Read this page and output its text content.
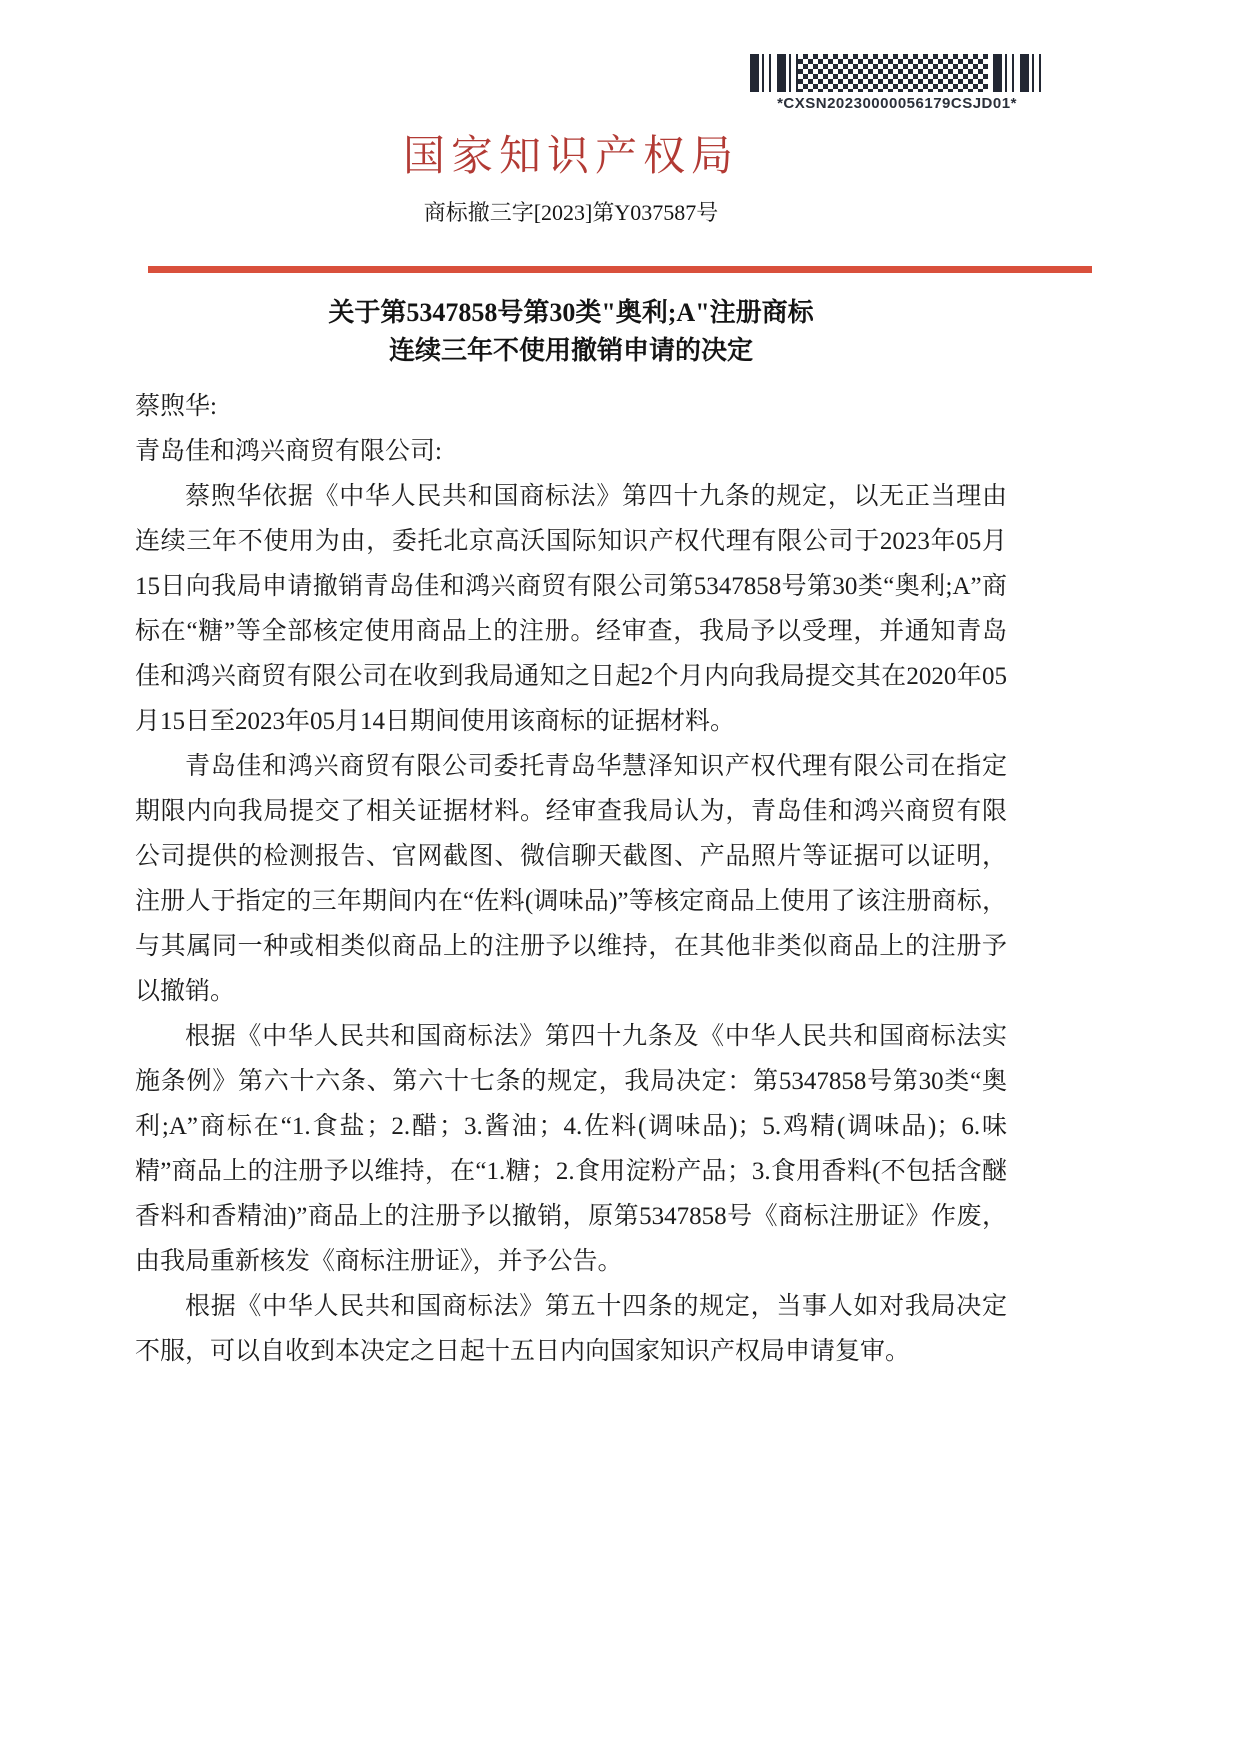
*CXSN20230000056179CSJD01*
国家知识产权局
商标撤三字[2023]第Y037587号
关于第5347858号第30类"奥利;A"注册商标
连续三年不使用撤销申请的决定
蔡煦华:
青岛佳和鸿兴商贸有限公司:

蔡煦华依据《中华人民共和国商标法》第四十九条的规定，以无正当理由连续三年不使用为由，委托北京高沃国际知识产权代理有限公司于2023年05月15日向我局申请撤销青岛佳和鸿兴商贸有限公司第5347858号第30类“奥利;A”商标在“糖”等全部核定使用商品上的注册。经审查，我局予以受理，并通知青岛佳和鸿兴商贸有限公司在收到我局通知之日起2个月内向我局提交其在2020年05月15日至2023年05月14日期间使用该商标的证据材料。

青岛佳和鸿兴商贸有限公司委托青岛华慧泽知识产权代理有限公司在指定期限内向我局提交了相关证据材料。经审查我局认为，青岛佳和鸿兴商贸有限公司提供的检测报告、官网截图、微信聊天截图、产品照片等证据可以证明，注册人于指定的三年期间内在“佐料(调味品)”等核定商品上使用了该注册商标，与其属同一种或相类似商品上的注册予以维持，在其他非类似商品上的注册予以撤销。

根据《中华人民共和国商标法》第四十九条及《中华人民共和国商标法实施条例》第六十六条、第六十七条的规定，我局决定：第5347858号第30类“奥利;A”商标在“1.食盐；2.醋；3.酱油；4.佐料(调味品)；5.鸡精(调味品)；6.味精”商品上的注册予以维持，在“1.糖；2.食用淀粉产品；3.食用香料(不包括含醚香料和香精油)”商品上的注册予以撤销，原第5347858号《商标注册证》作废，由我局重新核发《商标注册证》，并予公告。

根据《中华人民共和国商标法》第五十四条的规定，当事人如对我局决定不服，可以自收到本决定之日起十五日内向国家知识产权局申请复审。
